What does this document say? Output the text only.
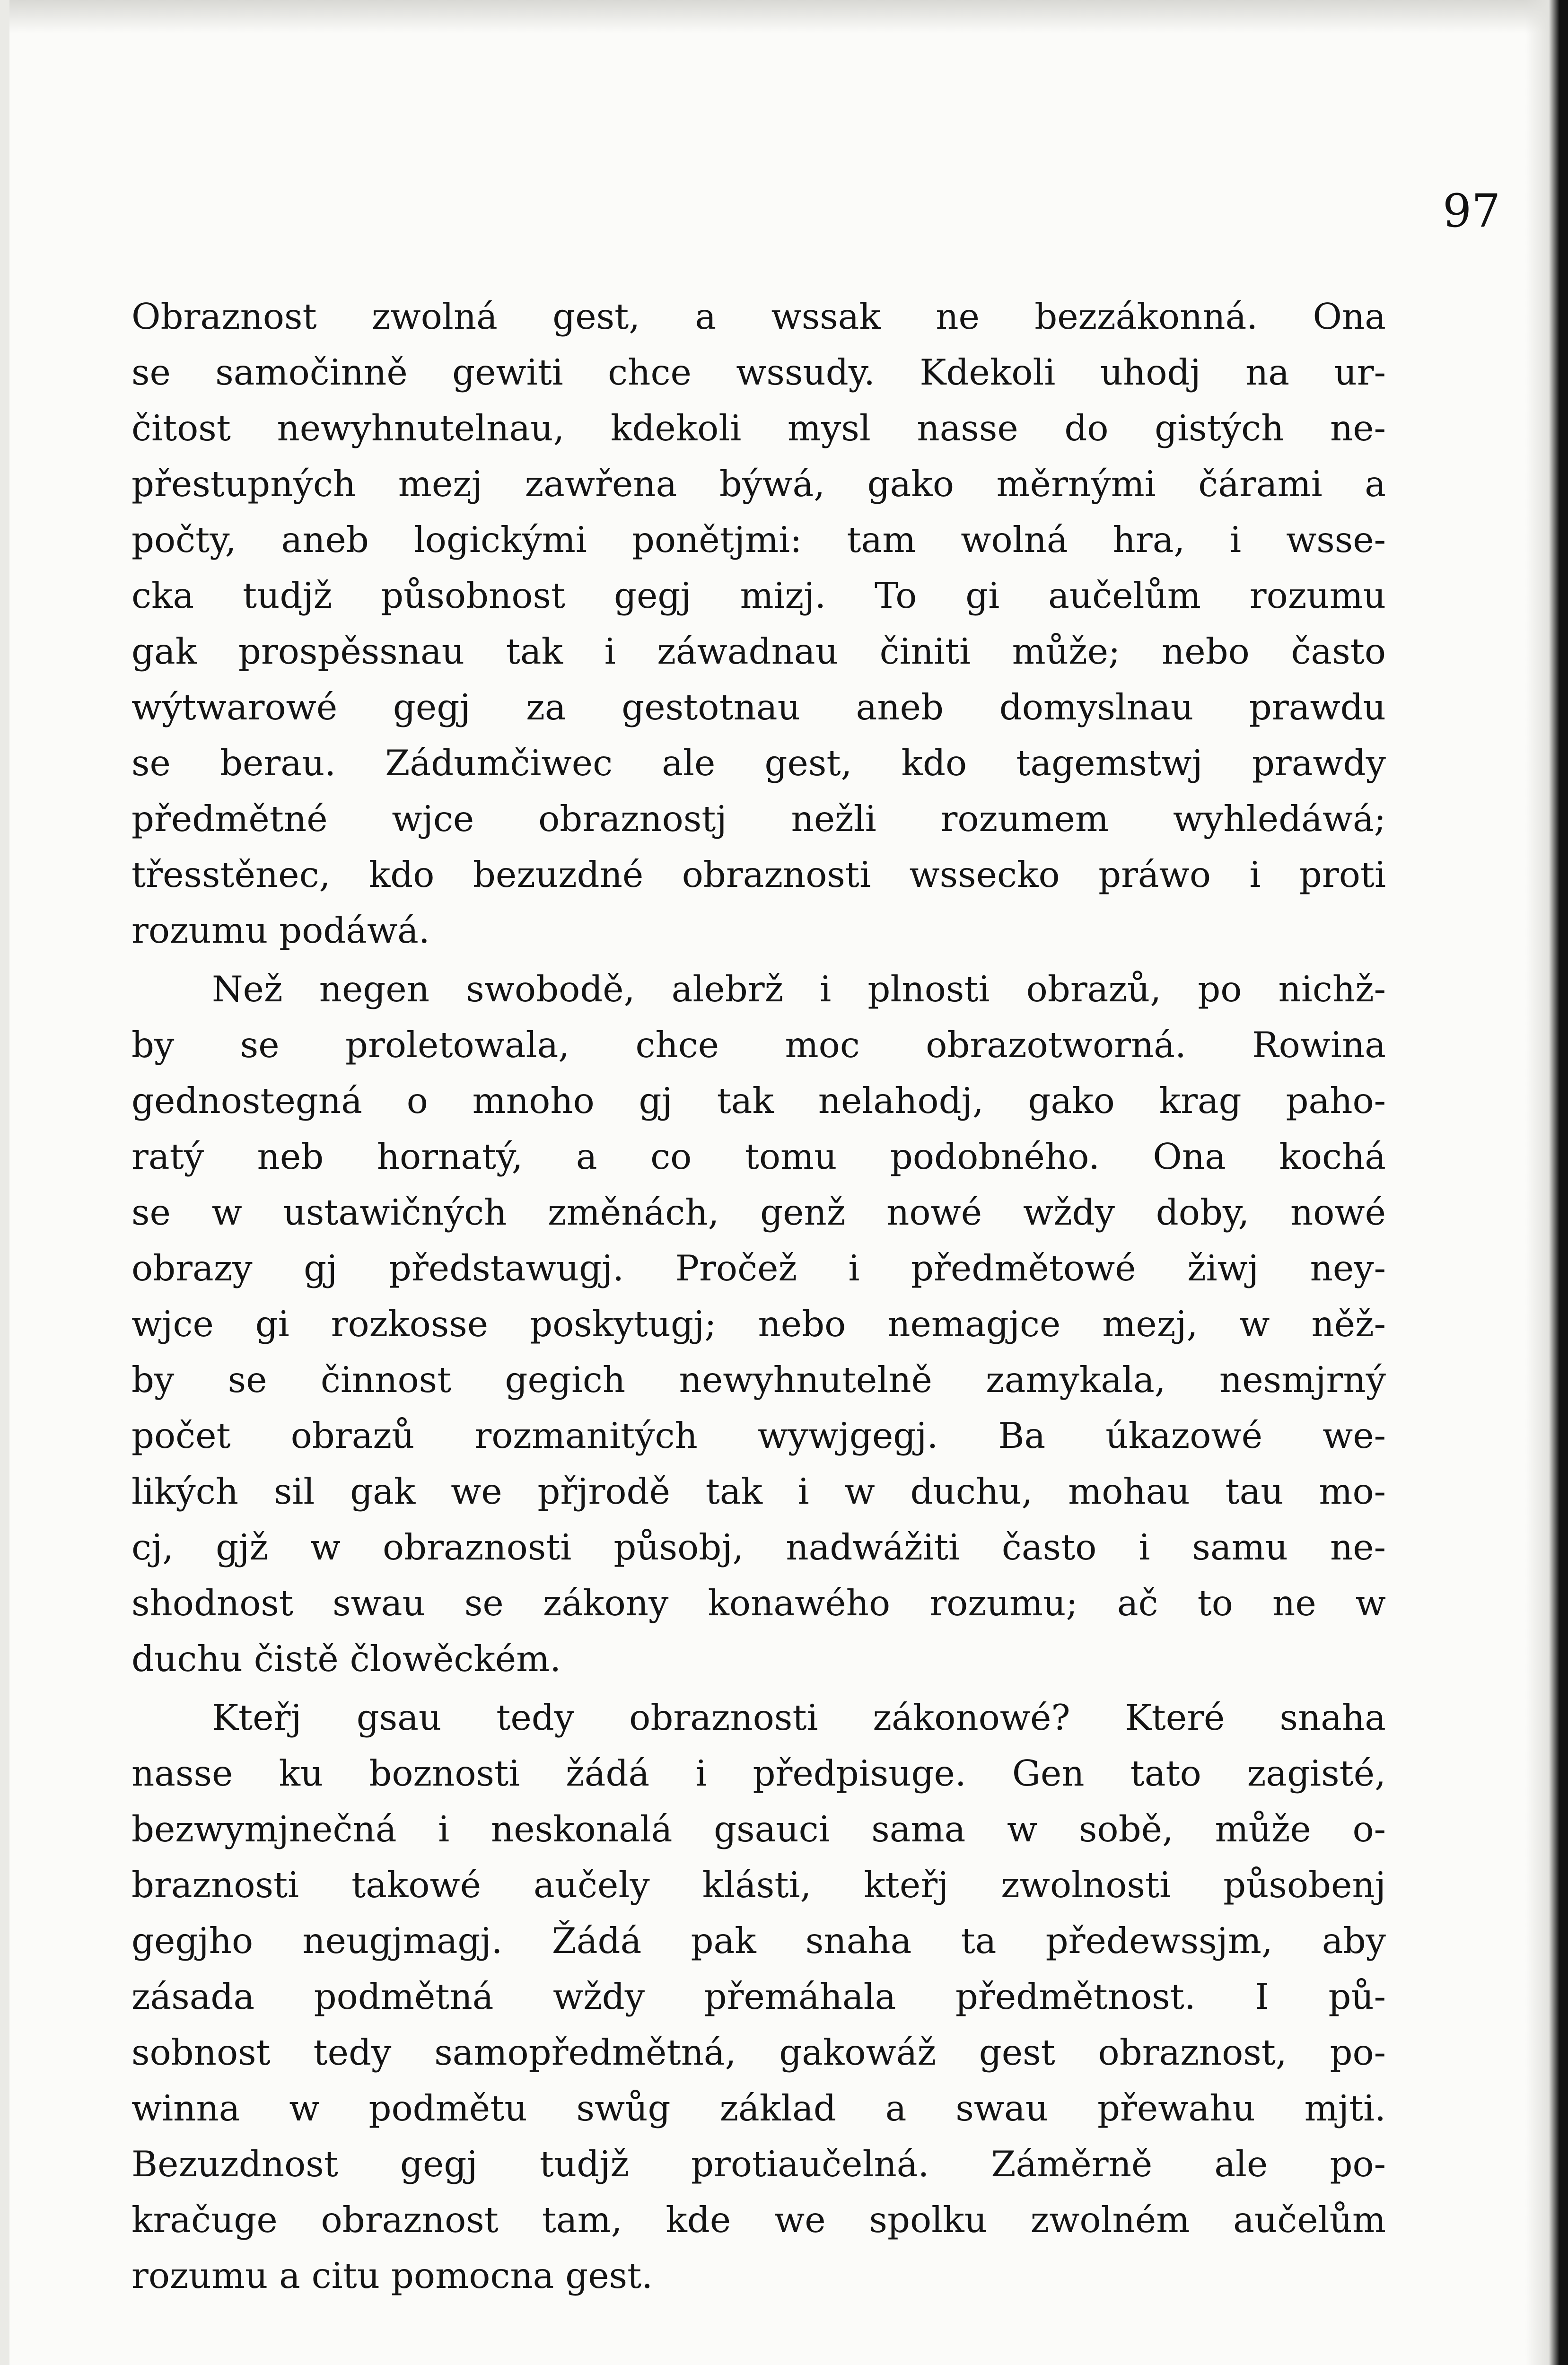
97

Obraznost zwolná gest, a wssak ne bezzákonná. Ona
se samočinně gewiti chce wssudy. Kdekoli uhodj na ur-
čitost newyhnutelnau, kdekoli mysl nasse do gistých ne-
přestupných mezj zawřena býwá, gako měrnými čárami a
počty, aneb logickými ponětjmi: tam wolná hra, i wsse-
cka tudjž působnost gegj mizj. To gi aučelům rozumu
gak prospěssnau tak i záwadnau činiti může; nebo často
wýtwarowé gegj za gestotnau aneb domyslnau prawdu
se berau. Zádumčiwec ale gest, kdo tagemstwj prawdy
předmětné wjce obraznostj nežli rozumem wyhledáwá;
třesstěnec, kdo bezuzdné obraznosti wssecko práwo i proti
rozumu podáwá.

Než negen swobodě, alebrž i plnosti obrazů, po nichž-
by se proletowala, chce moc obrazotworná. Rowina
gednostegná o mnoho gj tak nelahodj, gako krag paho-
ratý neb hornatý, a co tomu podobného. Ona kochá
se w ustawičných změnách, genž nowé wždy doby, nowé
obrazy gj předstawugj. Pročež i předmětowé žiwj ney-
wjce gi rozkosse poskytugj; nebo nemagjce mezj, w něž-
by se činnost gegich newyhnutelně zamykala, nesmjrný
počet obrazů rozmanitých wywjgegj. Ba úkazowé we-
likých sil gak we přjrodě tak i w duchu, mohau tau mo-
cj, gjž w obraznosti působj, nadwážiti často i samu ne-
shodnost swau se zákony konawého rozumu; ač to ne w
duchu čistě člowěckém.

Kteřj gsau tedy obraznosti zákonowé? Které snaha
nasse ku boznosti žádá i předpisuge. Gen tato zagisté,
bezwymjnečná i neskonalá gsauci sama w sobě, může o-
braznosti takowé aučely klásti, kteřj zwolnosti působenj
gegjho neugjmagj. Žádá pak snaha ta předewssjm, aby
zásada podmětná wždy přemáhala předmětnost. I pů-
sobnost tedy samopředmětná, gakowáž gest obraznost, po-
winna w podmětu swůg základ a swau přewahu mjti.
Bezuzdnost gegj tudjž protiaučelná. Záměrně ale po-
kračuge obraznost tam, kde we spolku zwolném aučelům
rozumu a citu pomocna gest.
